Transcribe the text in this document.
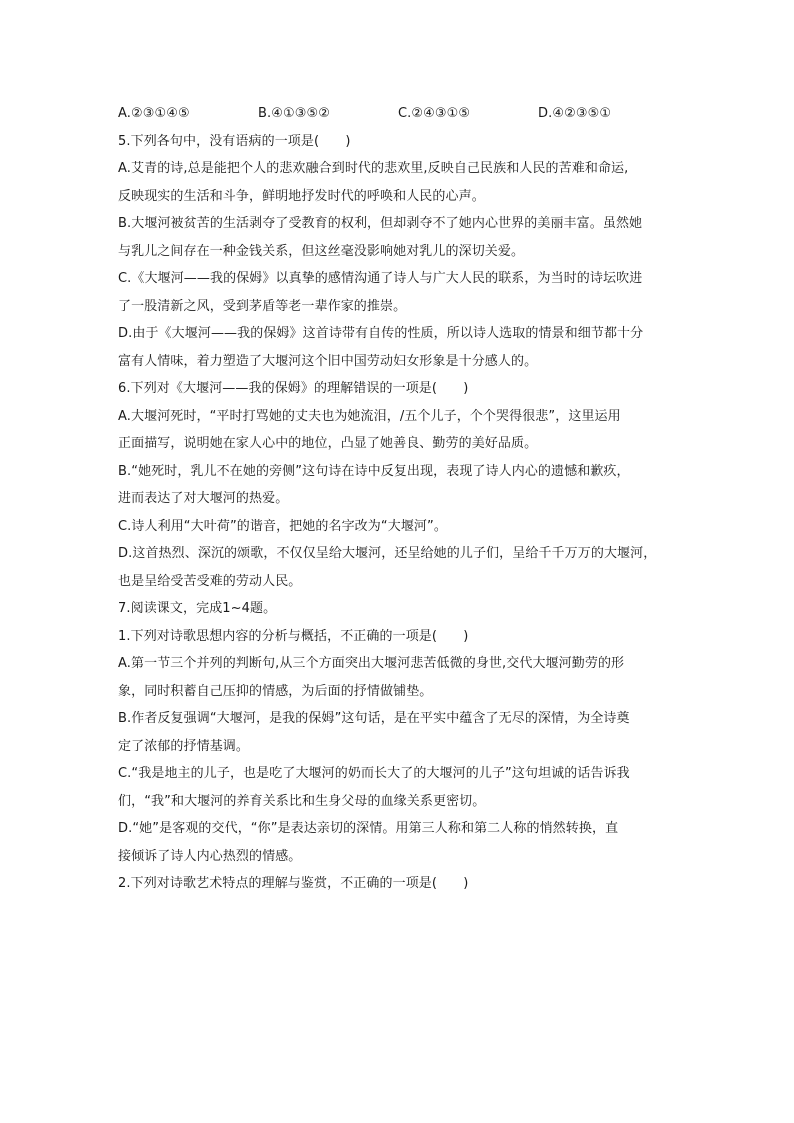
A.②③①④⑤	B.④①③⑤②	C.②④③①⑤	D.④②③⑤①
5.下列各句中，没有语病的一项是(　　)
A.艾青的诗,总是能把个人的悲欢融合到时代的悲欢里,反映自己民族和人民的苦难和命运,
反映现实的生活和斗争，鲜明地抒发时代的呼唤和人民的心声。
B.大堰河被贫苦的生活剥夺了受教育的权利，但却剥夺不了她内心世界的美丽丰富。虽然她
与乳儿之间存在一种金钱关系，但这丝毫没影响她对乳儿的深切关爱。
C.《大堰河——我的保姆》以真挚的感情沟通了诗人与广大人民的联系，为当时的诗坛吹进
了一股清新之风，受到茅盾等老一辈作家的推崇。
D.由于《大堰河——我的保姆》这首诗带有自传的性质，所以诗人选取的情景和细节都十分
富有人情味，着力塑造了大堰河这个旧中国劳动妇女形象是十分感人的。
6.下列对《大堰河——我的保姆》的理解错误的一项是(　　)
A.大堰河死时，“平时打骂她的丈夫也为她流泪，/五个儿子，个个哭得很悲”，这里运用
正面描写，说明她在家人心中的地位，凸显了她善良、勤劳的美好品质。
B.“她死时，乳儿不在她的旁侧”这句诗在诗中反复出现，表现了诗人内心的遗憾和歉疚，
进而表达了对大堰河的热爱。
C.诗人利用“大叶荷”的谐音，把她的名字改为“大堰河”。
D.这首热烈、深沉的颂歌，不仅仅呈给大堰河，还呈给她的儿子们，呈给千千万万的大堰河，
也是呈给受苦受难的劳动人民。
7.阅读课文，完成1~4题。
1.下列对诗歌思想内容的分析与概括，不正确的一项是(　　)
A.第一节三个并列的判断句,从三个方面突出大堰河悲苦低微的身世,交代大堰河勤劳的形
象，同时积蓄自己压抑的情感，为后面的抒情做铺垫。
B.作者反复强调“大堰河，是我的保姆”这句话，是在平实中蕴含了无尽的深情，为全诗奠
定了浓郁的抒情基调。
C.“我是地主的儿子，也是吃了大堰河的奶而长大了的大堰河的儿子”这句坦诚的话告诉我
们，“我”和大堰河的养育关系比和生身父母的血缘关系更密切。
D.“她”是客观的交代，“你”是表达亲切的深情。用第三人称和第二人称的悄然转换，直
接倾诉了诗人内心热烈的情感。
2.下列对诗歌艺术特点的理解与鉴赏，不正确的一项是(　　)
